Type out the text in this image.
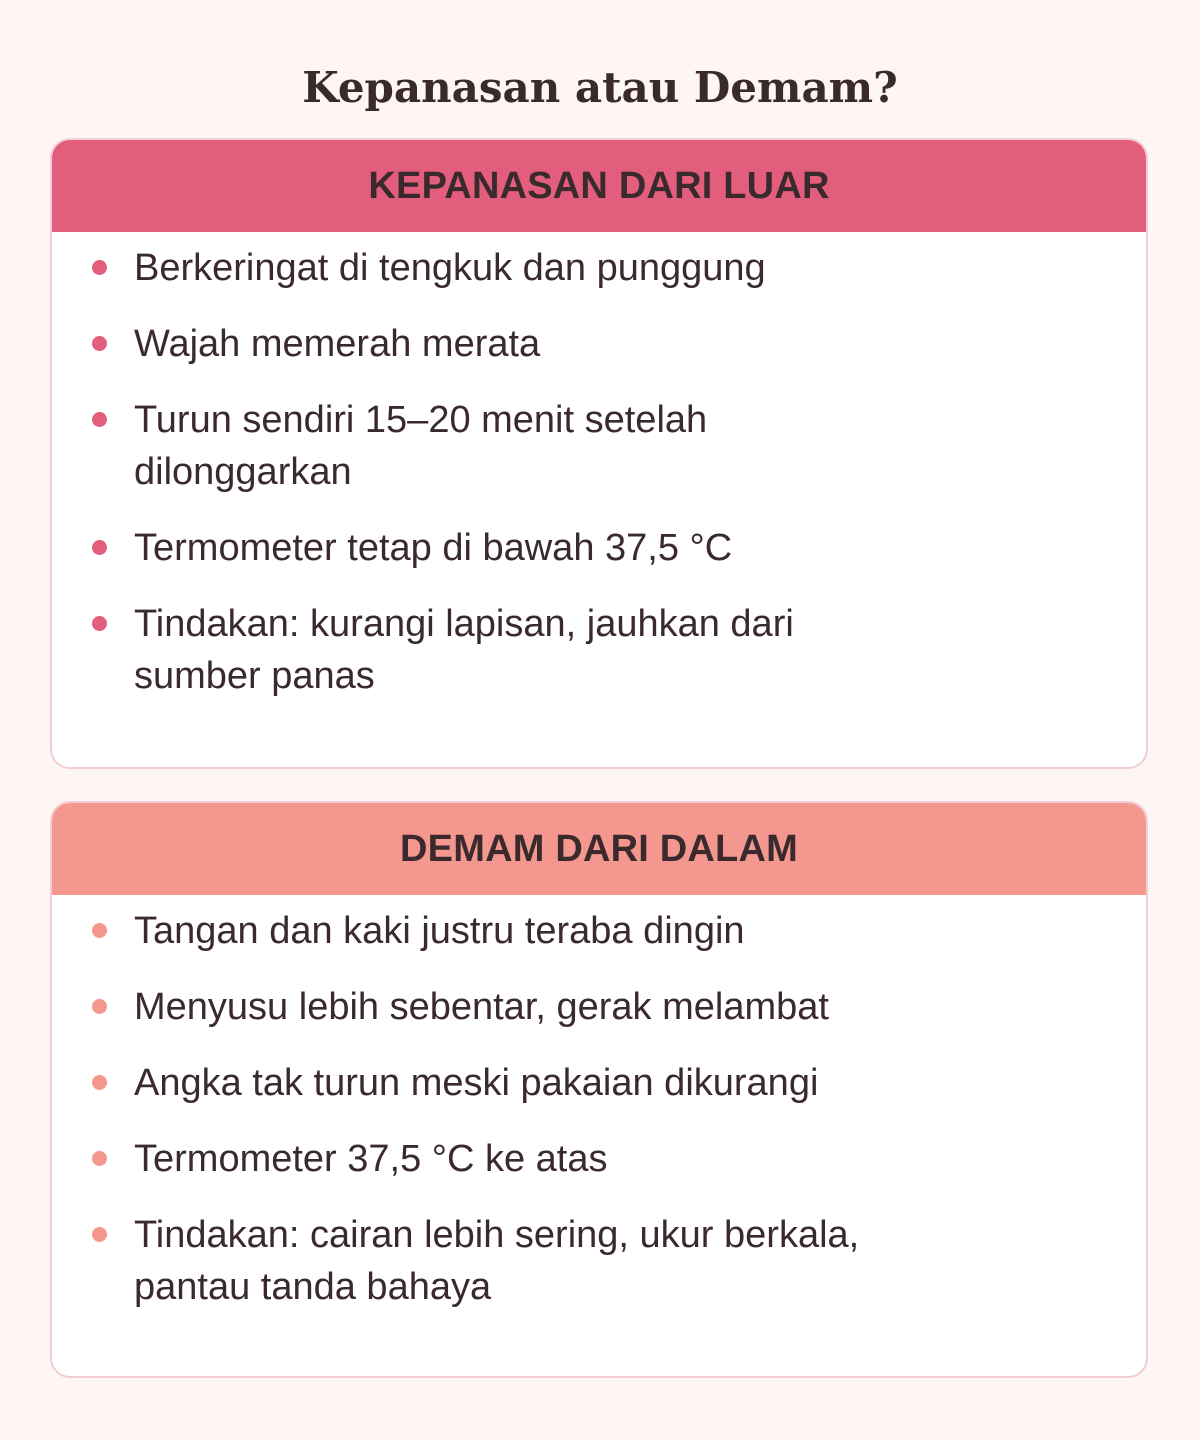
Kepanasan atau Demam?
KEPANASAN DARI LUAR
Berkeringat di tengkuk dan punggung
Wajah memerah merata
Turun sendiri 15–20 menit setelah dilonggarkan
Termometer tetap di bawah 37,5 °C
Tindakan: kurangi lapisan, jauhkan dari sumber panas
DEMAM DARI DALAM
Tangan dan kaki justru teraba dingin
Menyusu lebih sebentar, gerak melambat
Angka tak turun meski pakaian dikurangi
Termometer 37,5 °C ke atas
Tindakan: cairan lebih sering, ukur berkala, pantau tanda bahaya
